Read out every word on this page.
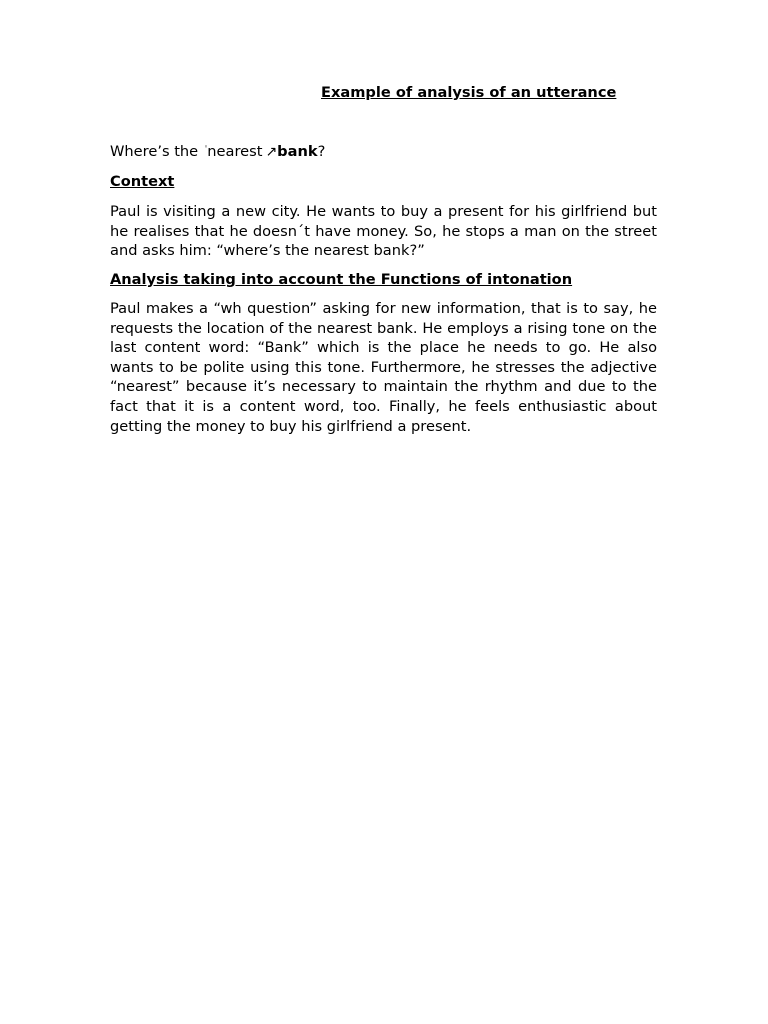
Example of analysis of an utterance
Where’s the $^ˈ$nearest ↗bank?
Context
Paul is visiting a new city. He wants to buy a present for his girlfriend but he realises that he doesn´t have money. So, he stops a man on the street and asks him: “where’s the nearest bank?”
Analysis taking into account the Functions of intonation
Paul makes a “wh question” asking for new information, that is to say, he requests the location of the nearest bank. He employs a rising tone on the last content word: “Bank” which is the place he needs to go. He also wants to be polite using this tone. Furthermore, he stresses the adjective “nearest” because it’s necessary to maintain the rhythm and due to the fact that it is a content word, too. Finally, he feels enthusiastic about getting the money to buy his girlfriend a present.
